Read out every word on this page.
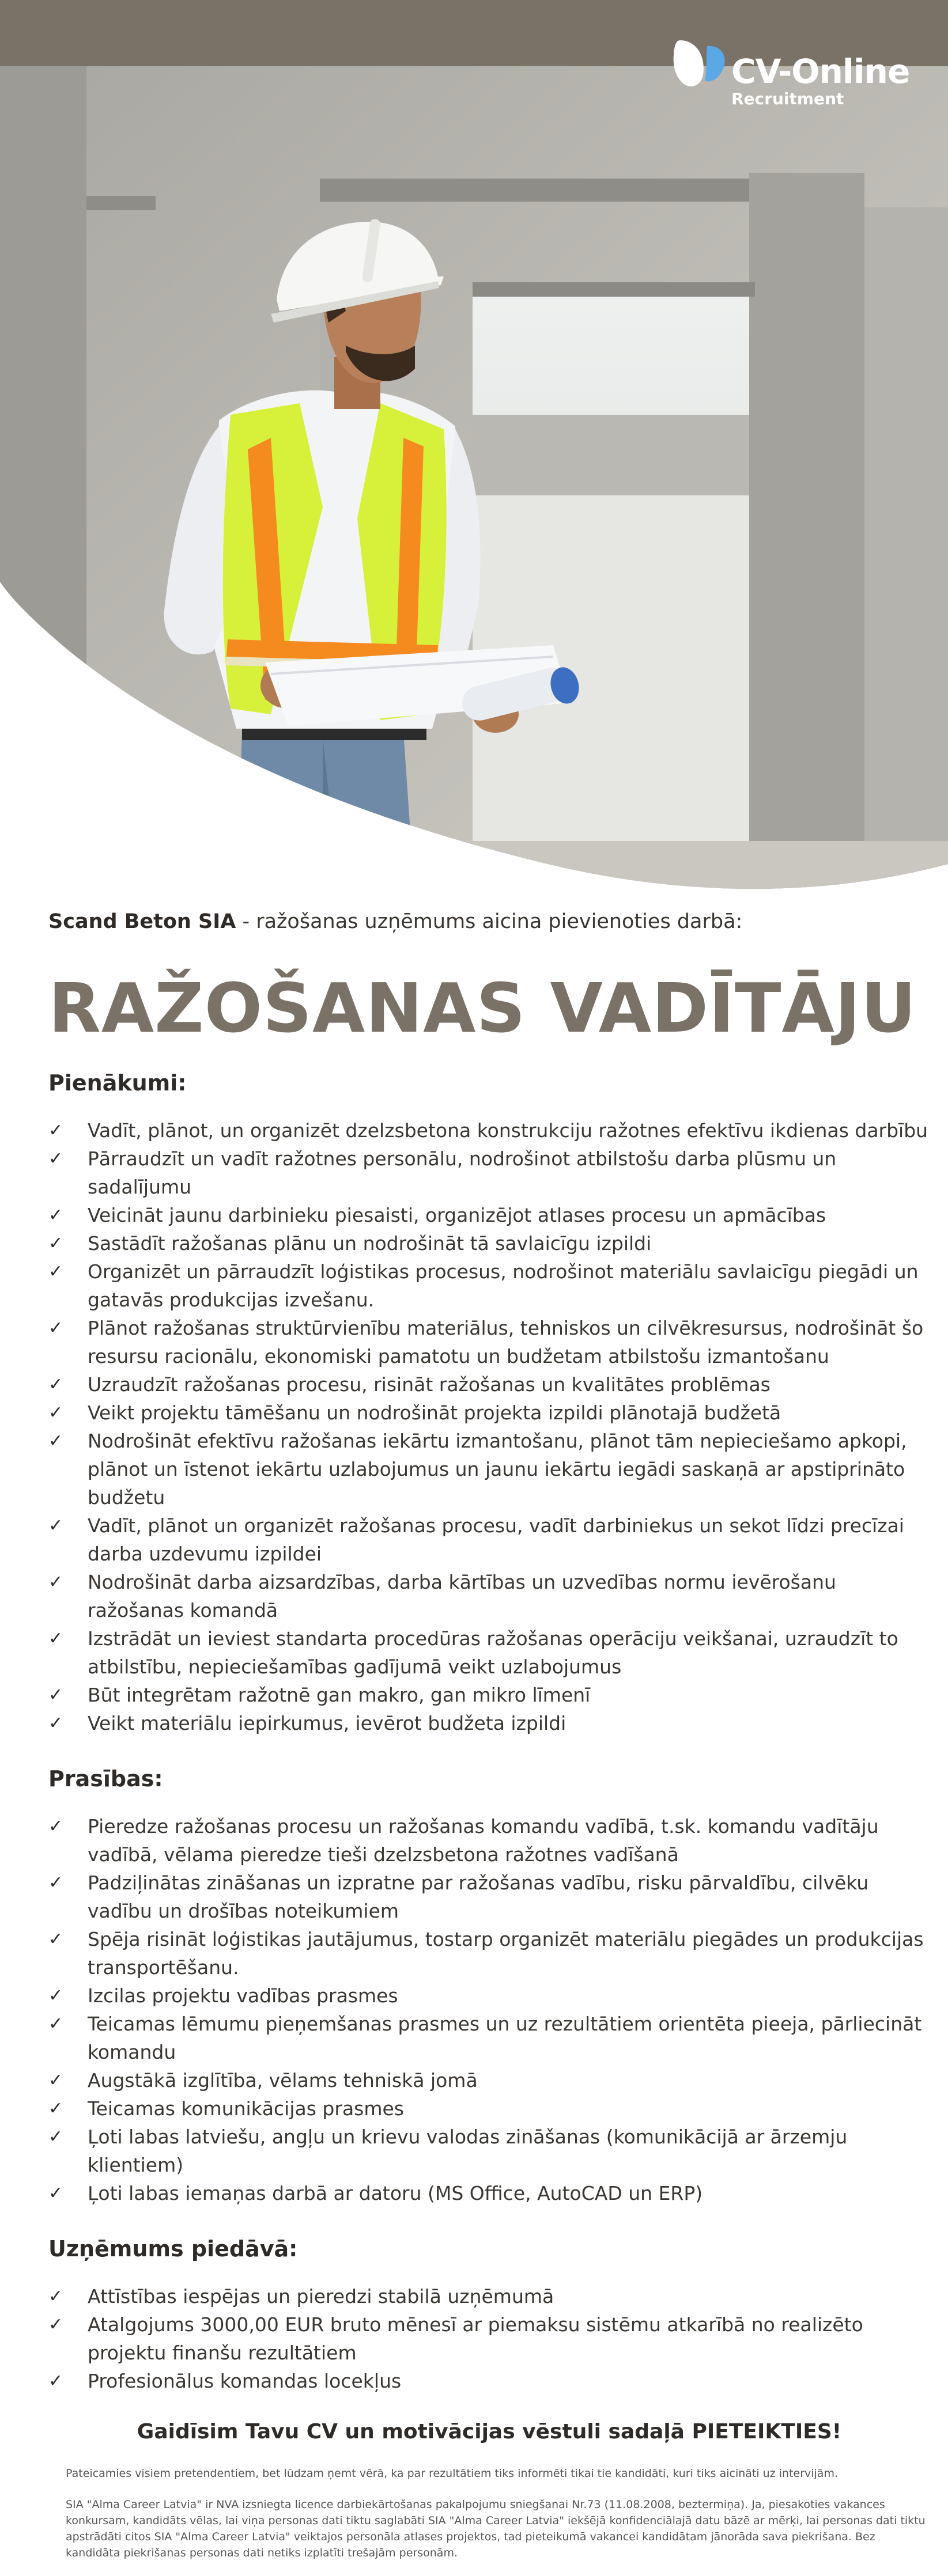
CV-Online
Recruitment

Scand Beton SIA - ražošanas uzņēmums aicina pievienoties darbā:

RAŽOŠANAS VADĪTĀJU
Pienākumi:
✓ Vadīt, plānot, un organizēt dzelzsbetona konstrukciju ražotnes efektīvu ikdienas darbību
✓ Pārraudzīt un vadīt ražotnes personālu, nodrošinot atbilstošu darba plūsmu un sadalījumu
✓ Veicināt jaunu darbinieku piesaisti, organizējot atlases procesu un apmācības
✓ Sastādīt ražošanas plānu un nodrošināt tā savlaicīgu izpildi
✓ Organizēt un pārraudzīt loģistikas procesus, nodrošinot materiālu savlaicīgu piegādi un gatavās produkcijas izvešanu.
✓ Plānot ražošanas struktūrvienību materiālus, tehniskos un cilvēkresursus, nodrošināt šo resursu racionālu, ekonomiski pamatotu un budžetam atbilstošu izmantošanu
✓ Uzraudzīt ražošanas procesu, risināt ražošanas un kvalitātes problēmas
✓ Veikt projektu tāmēšanu un nodrošināt projekta izpildi plānotajā budžetā
✓ Nodrošināt efektīvu ražošanas iekārtu izmantošanu, plānot tām nepieciešamo apkopi, plānot un īstenot iekārtu uzlabojumus un jaunu iekārtu iegādi saskaņā ar apstiprināto budžetu
✓ Vadīt, plānot un organizēt ražošanas procesu, vadīt darbiniekus un sekot līdzi precīzai darba uzdevumu izpildei
✓ Nodrošināt darba aizsardzības, darba kārtības un uzvedības normu ievērošanu ražošanas komandā
✓ Izstrādāt un ieviest standarta procedūras ražošanas operāciju veikšanai, uzraudzīt to atbilstību, nepieciešamības gadījumā veikt uzlabojumus
✓ Būt integrētam ražotnē gan makro, gan mikro līmenī
✓ Veikt materiālu iepirkumus, ievērot budžeta izpildi
Prasības:
✓ Pieredze ražošanas procesu un ražošanas komandu vadībā, t.sk. komandu vadītāju vadībā, vēlama pieredze tieši dzelzsbetona ražotnes vadīšanā
✓ Padziļinātas zināšanas un izpratne par ražošanas vadību, risku pārvaldību, cilvēku vadību un drošības noteikumiem
✓ Spēja risināt loģistikas jautājumus, tostarp organizēt materiālu piegādes un produkcijas transportēšanu.
✓ Izcilas projektu vadības prasmes
✓ Teicamas lēmumu pieņemšanas prasmes un uz rezultātiem orientēta pieeja, pārliecināt komandu
✓ Augstākā izglītība, vēlams tehniskā jomā
✓ Teicamas komunikācijas prasmes
✓ Ļoti labas latviešu, angļu un krievu valodas zināšanas (komunikācijā ar ārzemju klientiem)
✓ Ļoti labas iemaņas darbā ar datoru (MS Office, AutoCAD un ERP)
Uzņēmums piedāvā:
✓ Attīstības iespējas un pieredzi stabilā uzņēmumā
✓ Atalgojums 3000,00 EUR bruto mēnesī ar piemaksu sistēmu atkarībā no realizēto projektu finanšu rezultātiem
✓ Profesionālus komandas locekļus
Gaidīsim Tavu CV un motivācijas vēstuli sadaļā PIETEIKTIES!

Pateicamies visiem pretendentiem, bet lūdzam ņemt vērā, ka par rezultātiem tiks informēti tikai tie kandidāti, kuri tiks aicināti uz intervijām.

SIA "Alma Career Latvia" ir NVA izsniegta licence darbiekārtošanas pakalpojumu sniegšanai Nr.73 (11.08.2008, beztermiņa). Ja, piesakoties vakances konkursam, kandidāts vēlas, lai viņa personas dati tiktu saglabāti SIA "Alma Career Latvia" iekšējā konfidenciālajā datu bāzē ar mērķi, lai personas dati tiktu apstrādāti citos SIA "Alma Career Latvia" veiktajos personāla atlases projektos, tad pieteikumā vakancei kandidātam jānorāda sava piekrišana. Bez kandidāta piekrišanas personas dati netiks izplatīti trešajām personām.
